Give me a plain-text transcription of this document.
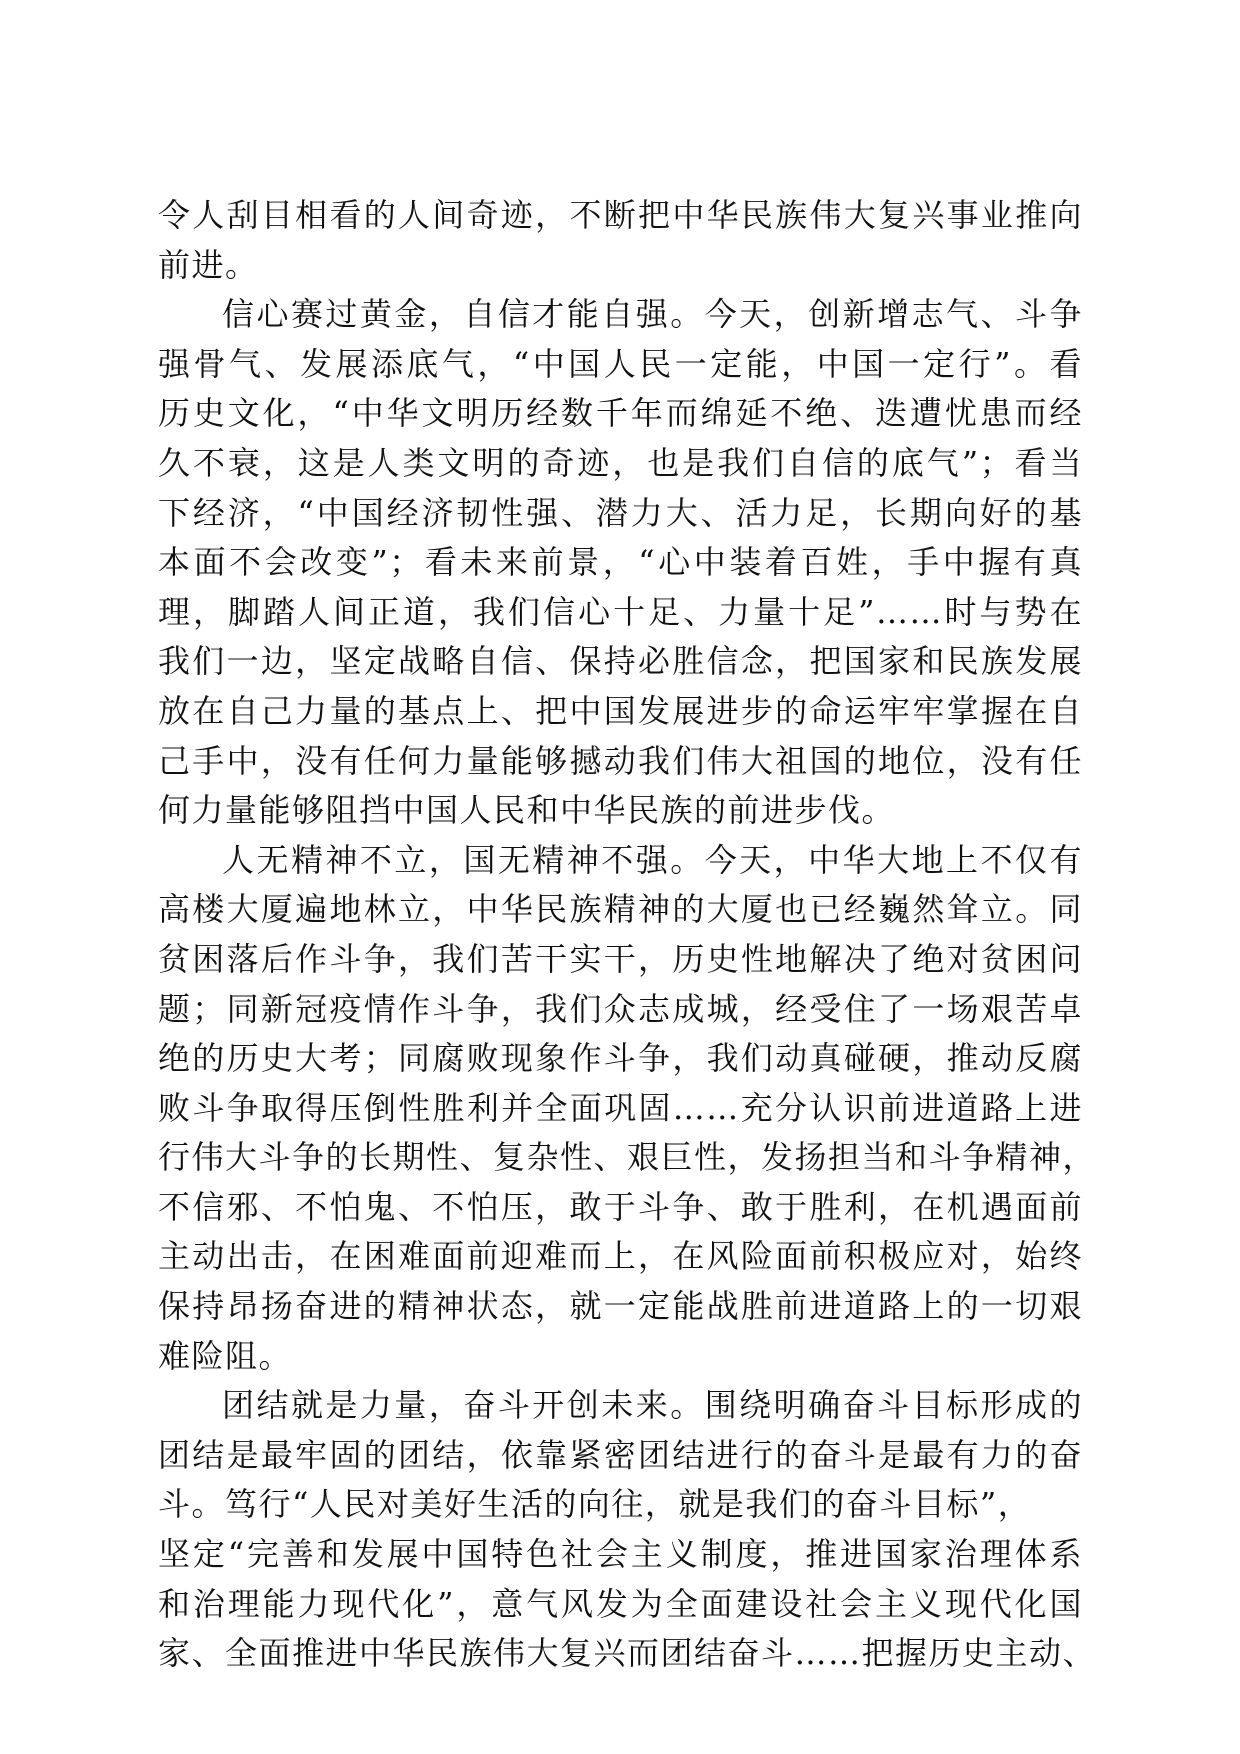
令人刮目相看的人间奇迹，不断把中华民族伟大复兴事业推向
前进。
信心赛过黄金，自信才能自强。今天，创新增志气、斗争
强骨气、发展添底气，“中国人民一定能，中国一定行”。看
历史文化，“中华文明历经数千年而绵延不绝、迭遭忧患而经
久不衰，这是人类文明的奇迹，也是我们自信的底气”；看当
下经济，“中国经济韧性强、潜力大、活力足，长期向好的基
本面不会改变”；看未来前景，“心中装着百姓，手中握有真
理，脚踏人间正道，我们信心十足、力量十足”……时与势在
我们一边，坚定战略自信、保持必胜信念，把国家和民族发展
放在自己力量的基点上、把中国发展进步的命运牢牢掌握在自
己手中，没有任何力量能够撼动我们伟大祖国的地位，没有任
何力量能够阻挡中国人民和中华民族的前进步伐。
人无精神不立，国无精神不强。今天，中华大地上不仅有
高楼大厦遍地林立，中华民族精神的大厦也已经巍然耸立。同
贫困落后作斗争，我们苦干实干，历史性地解决了绝对贫困问
题；同新冠疫情作斗争，我们众志成城，经受住了一场艰苦卓
绝的历史大考；同腐败现象作斗争，我们动真碰硬，推动反腐
败斗争取得压倒性胜利并全面巩固……充分认识前进道路上进
行伟大斗争的长期性、复杂性、艰巨性，发扬担当和斗争精神，
不信邪、不怕鬼、不怕压，敢于斗争、敢于胜利，在机遇面前
主动出击，在困难面前迎难而上，在风险面前积极应对，始终
保持昂扬奋进的精神状态，就一定能战胜前进道路上的一切艰
难险阻。
团结就是力量，奋斗开创未来。围绕明确奋斗目标形成的
团结是最牢固的团结，依靠紧密团结进行的奋斗是最有力的奋
斗。笃行“人民对美好生活的向往，就是我们的奋斗目标”，
坚定“完善和发展中国特色社会主义制度，推进国家治理体系
和治理能力现代化”，意气风发为全面建设社会主义现代化国
家、全面推进中华民族伟大复兴而团结奋斗……把握历史主动、
